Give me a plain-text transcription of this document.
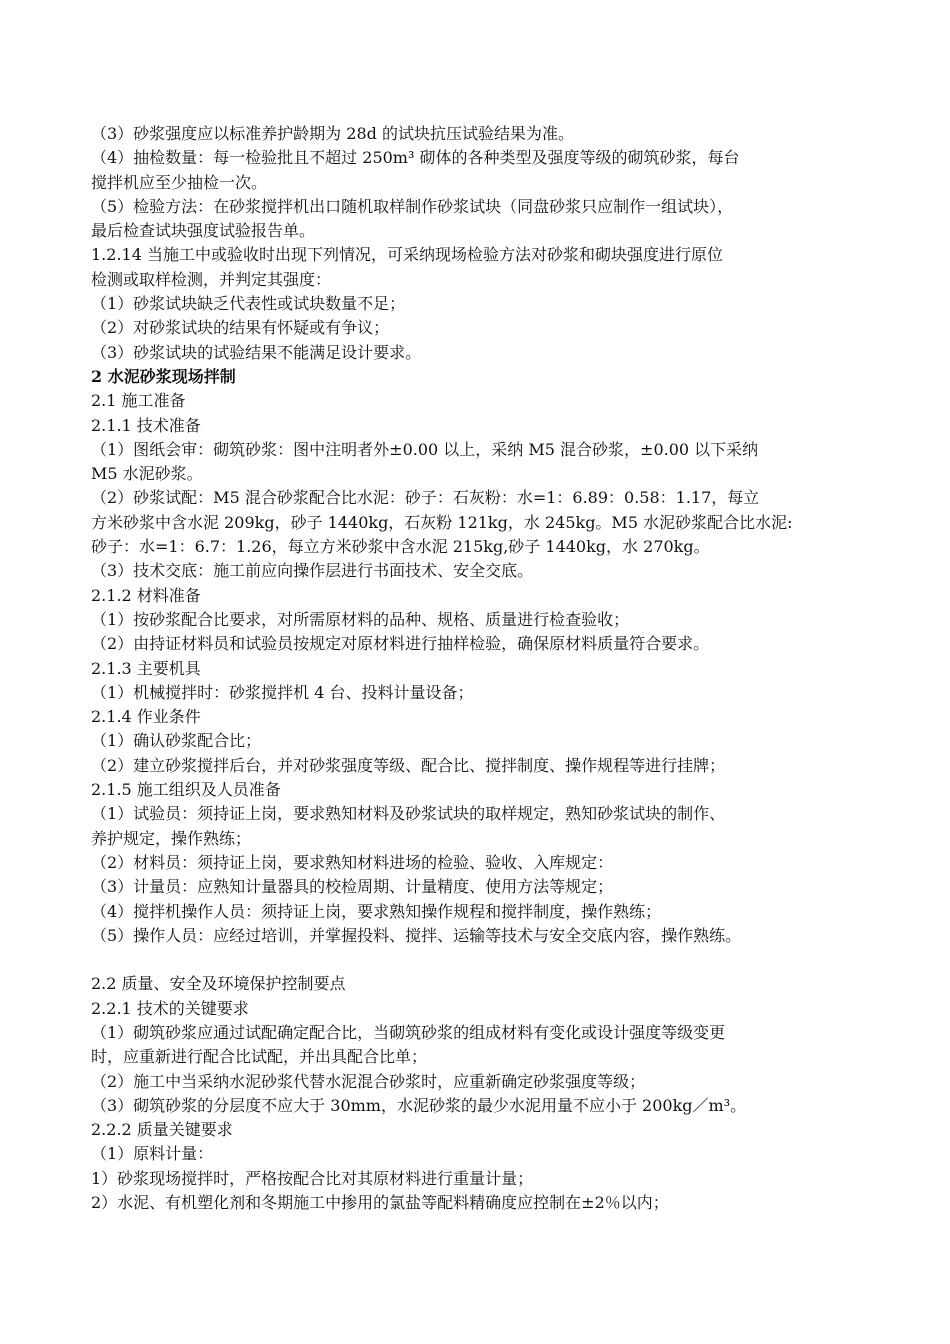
（3）砂浆强度应以标准养护龄期为 28d 的试块抗压试验结果为准。
（4）抽检数量：每一检验批且不超过 250m³ 砌体的各种类型及强度等级的砌筑砂浆，每台
搅拌机应至少抽检一次。
（5）检验方法：在砂浆搅拌机出口随机取样制作砂浆试块（同盘砂浆只应制作一组试块），
最后检查试块强度试验报告单。
1.2.14 当施工中或验收时出现下列情况，可采纳现场检验方法对砂浆和砌块强度进行原位
检测或取样检测，并判定其强度：
（1）砂浆试块缺乏代表性或试块数量不足；
（2）对砂浆试块的结果有怀疑或有争议；
（3）砂浆试块的试验结果不能满足设计要求。
2 水泥砂浆现场拌制
2.1 施工准备
2.1.1 技术准备
（1）图纸会审：砌筑砂浆：图中注明者外±0.00 以上，采纳 M5 混合砂浆，±0.00 以下采纳
M5 水泥砂浆。
（2）砂浆试配：M5 混合砂浆配合比水泥：砂子：石灰粉：水=1：6.89：0.58：1.17，每立
方米砂浆中含水泥 209kg，砂子 1440kg，石灰粉 121kg，水 245kg。M5 水泥砂浆配合比水泥:
砂子：水=1：6.7：1.26，每立方米砂浆中含水泥 215kg,砂子 1440kg，水 270kg。
（3）技术交底：施工前应向操作层进行书面技术、安全交底。
2.1.2 材料准备
（1）按砂浆配合比要求，对所需原材料的品种、规格、质量进行检查验收；
（2）由持证材料员和试验员按规定对原材料进行抽样检验，确保原材料质量符合要求。
2.1.3 主要机具
（1）机械搅拌时：砂浆搅拌机 4 台、投料计量设备；
2.1.4 作业条件
（1）确认砂浆配合比；
（2）建立砂浆搅拌后台，并对砂浆强度等级、配合比、搅拌制度、操作规程等进行挂牌；
2.1.5 施工组织及人员准备
（1）试验员：须持证上岗，要求熟知材料及砂浆试块的取样规定，熟知砂浆试块的制作、
养护规定，操作熟练；
（2）材料员：须持证上岗，要求熟知材料进场的检验、验收、入库规定：
（3）计量员：应熟知计量器具的校检周期、计量精度、使用方法等规定；
（4）搅拌机操作人员：须持证上岗，要求熟知操作规程和搅拌制度，操作熟练；
（5）操作人员：应经过培训，并掌握投料、搅拌、运输等技术与安全交底内容，操作熟练。
2.2 质量、安全及环境保护控制要点
2.2.1 技术的关键要求
（1）砌筑砂浆应通过试配确定配合比，当砌筑砂浆的组成材料有变化或设计强度等级变更
时，应重新进行配合比试配，并出具配合比单；
（2）施工中当采纳水泥砂浆代替水泥混合砂浆时，应重新确定砂浆强度等级；
（3）砌筑砂浆的分层度不应大于 30mm，水泥砂浆的最少水泥用量不应小于 200kg／m³。
2.2.2 质量关键要求
（1）原料计量：
1）砂浆现场搅拌时，严格按配合比对其原材料进行重量计量；
2）水泥、有机塑化剂和冬期施工中掺用的氯盐等配料精确度应控制在±2％以内；
